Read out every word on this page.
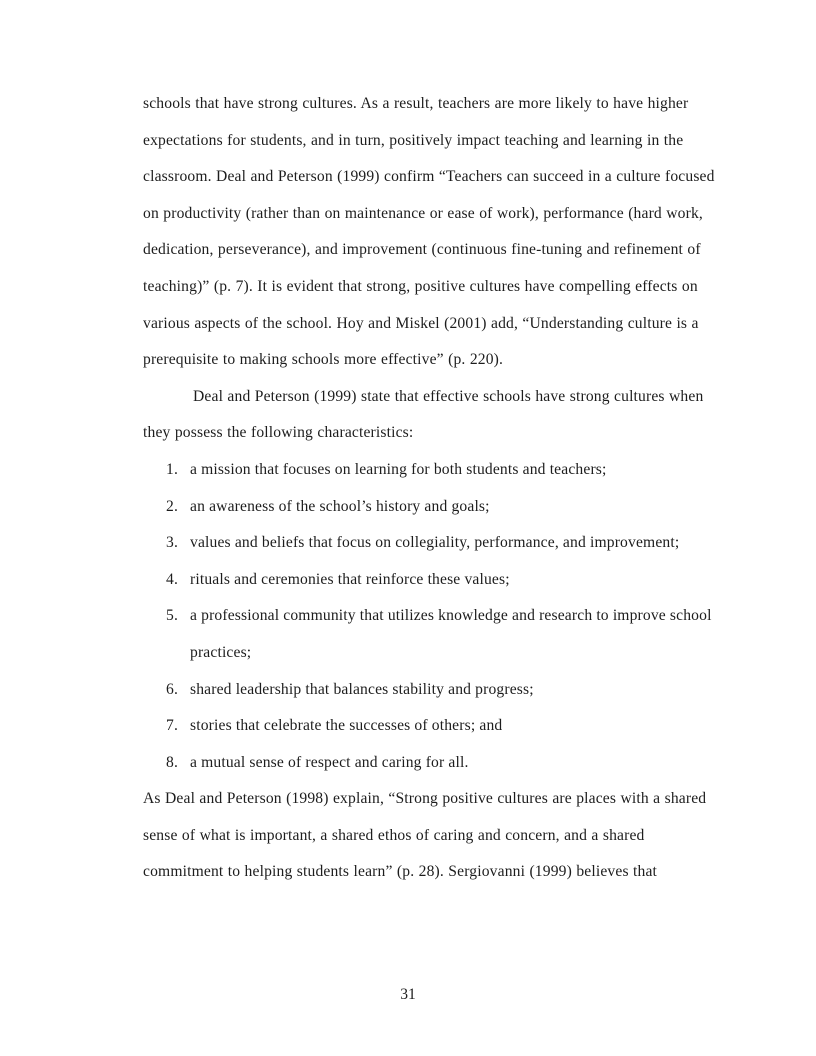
schools that have strong cultures. As a result, teachers are more likely to have higher expectations for students, and in turn, positively impact teaching and learning in the classroom. Deal and Peterson (1999) confirm “Teachers can succeed in a culture focused on productivity (rather than on maintenance or ease of work), performance (hard work, dedication, perseverance), and improvement (continuous fine-tuning and refinement of teaching)” (p. 7). It is evident that strong, positive cultures have compelling effects on various aspects of the school. Hoy and Miskel (2001) add, “Understanding culture is a prerequisite to making schools more effective” (p. 220).

Deal and Peterson (1999) state that effective schools have strong cultures when they possess the following characteristics:

1. a mission that focuses on learning for both students and teachers;
2. an awareness of the school’s history and goals;
3. values and beliefs that focus on collegiality, performance, and improvement;
4. rituals and ceremonies that reinforce these values;
5. a professional community that utilizes knowledge and research to improve school practices;
6. shared leadership that balances stability and progress;
7. stories that celebrate the successes of others; and
8. a mutual sense of respect and caring for all.

As Deal and Peterson (1998) explain, “Strong positive cultures are places with a shared sense of what is important, a shared ethos of caring and concern, and a shared commitment to helping students learn” (p. 28). Sergiovanni (1999) believes that

31
